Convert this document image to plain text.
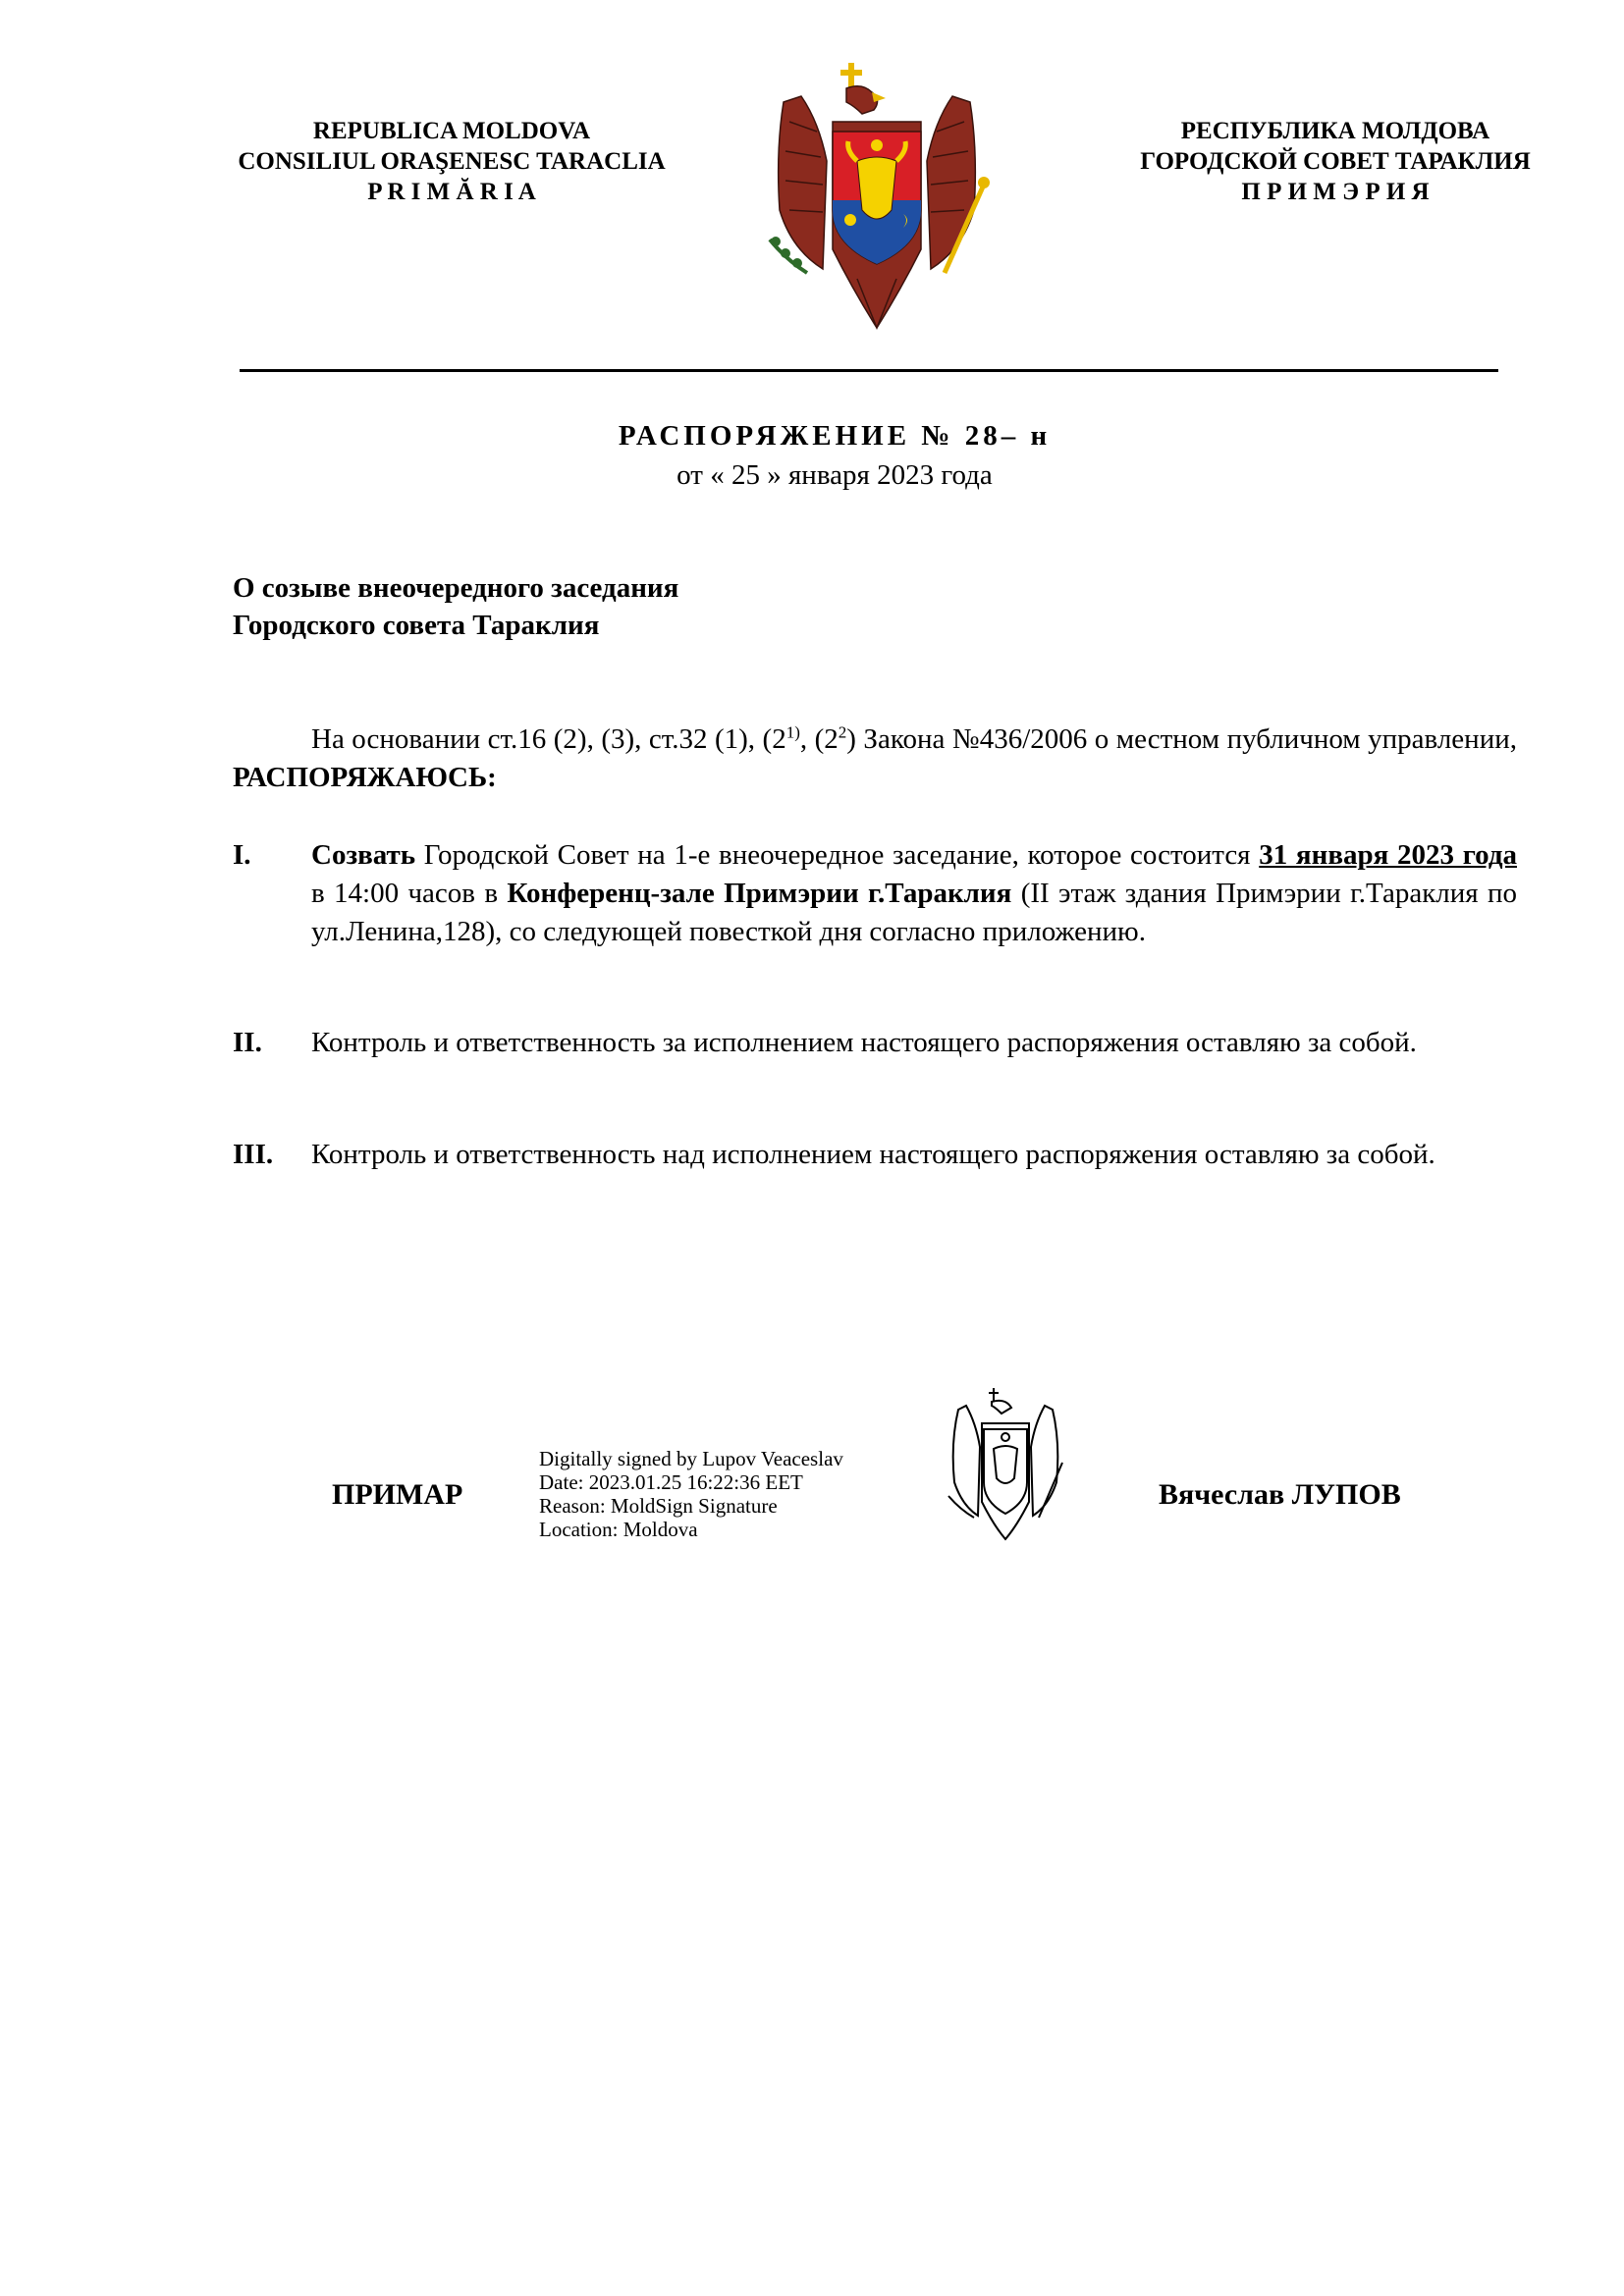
REPUBLICA MOLDOVA
CONSILIUL ORAŞENESC TARACLIA
P R I M Ă R I A
РЕСПУБЛИКА МОЛДОВА
ГОРОДСКОЙ СОВЕТ ТАРАКЛИЯ
П Р И М Э Р И Я
РАСПОРЯЖЕНИЕ № 28– н
от « 25 » января 2023 года
О созыве внеочередного заседания
Городского совета Тараклия
На основании ст.16 (2), (3), ст.32 (1), (2$^{1)}$, $(2^2)$ Закона №436/2006 о местном публичном управлении, РАСПОРЯЖАЮСЬ:
I. Созвать Городской Совет на 1-е внеочередное заседание, которое состоится 31 января 2023 года в 14:00 часов в Конференц-зале Примэрии г.Тараклия (II этаж здания Примэрии г.Тараклия по ул.Ленина,128), со следующей повесткой дня согласно приложению.
II. Контроль и ответственность за исполнением настоящего распоряжения оставляю за собой.
III. Контроль и ответственность над исполнением настоящего распоряжения оставляю за собой.
ПРИМАР
Digitally signed by Lupov Veaceslav
Date: 2023.01.25 16:22:36 EET
Reason: MoldSign Signature
Location: Moldova
Вячеслав ЛУПОВ
